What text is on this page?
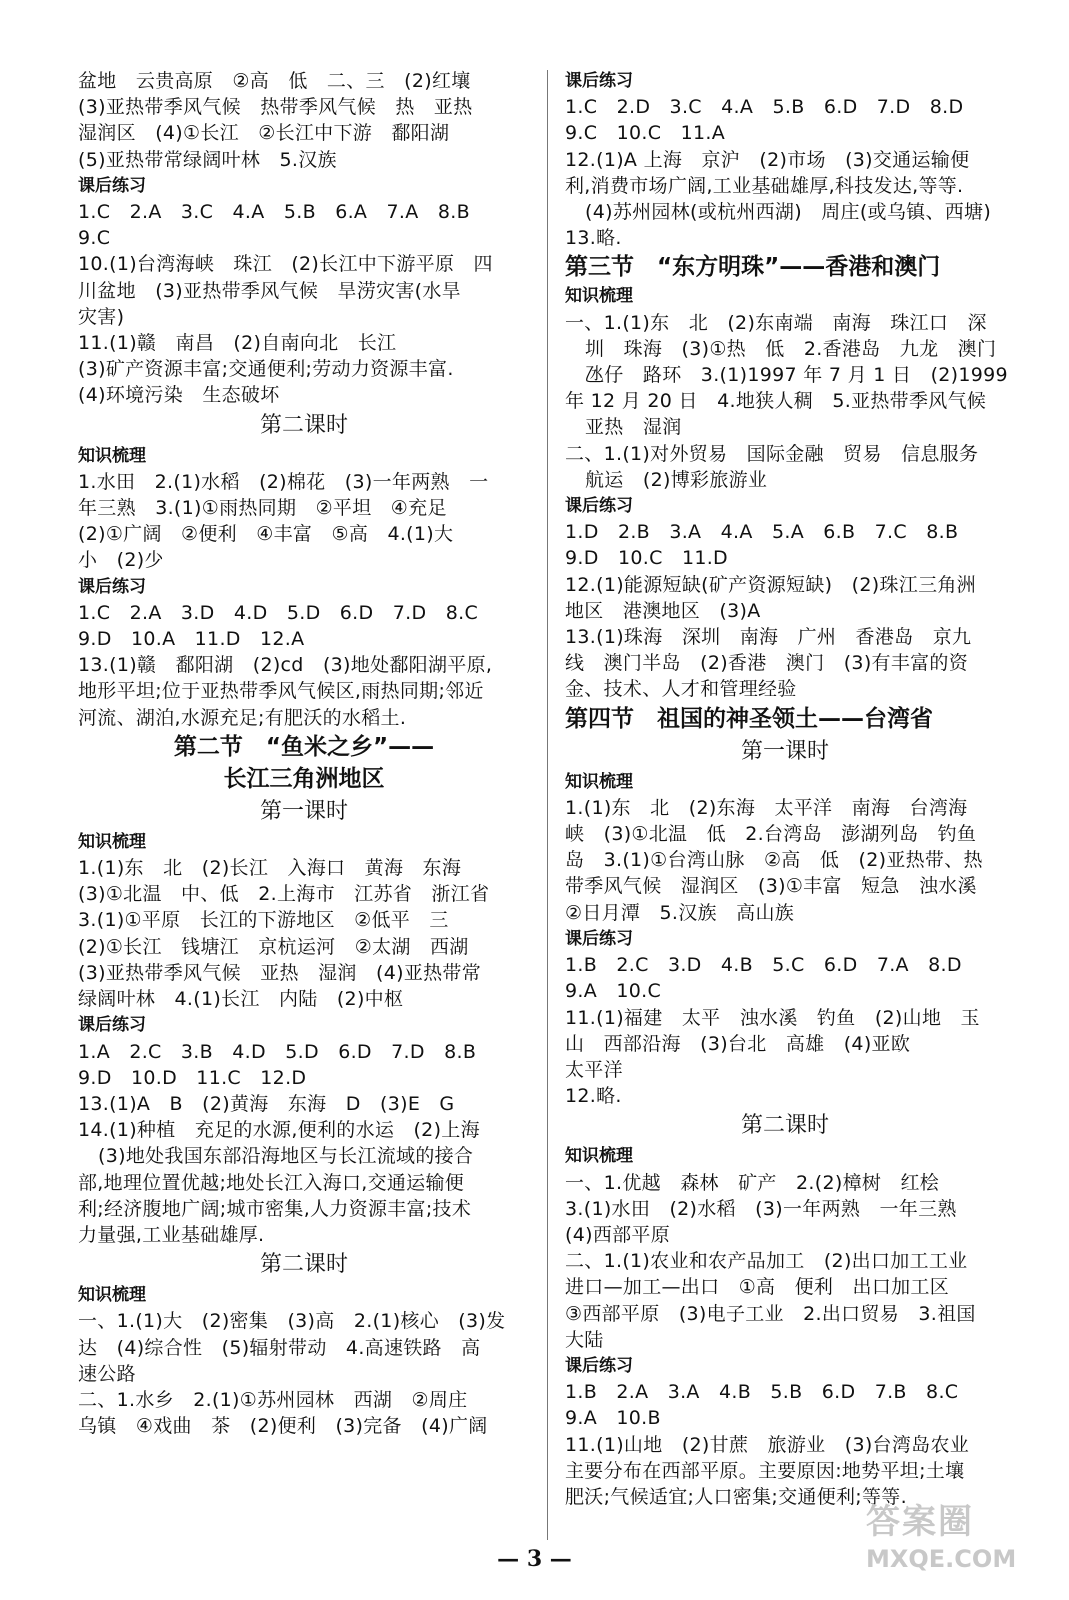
盆地　云贵高原　②高　低　二、三　(2)红壤
(3)亚热带季风气候　热带季风气候　热　亚热
湿润区　(4)①长江　②长江中下游　鄱阳湖
(5)亚热带常绿阔叶林　5.汉族
课后练习
1.C　2.A　3.C　4.A　5.B　6.A　7.A　8.B
9.C
10.(1)台湾海峡　珠江　(2)长江中下游平原　四
川盆地　(3)亚热带季风气候　旱涝灾害(水旱
灾害)
11.(1)赣　南昌　(2)自南向北　长江
(3)矿产资源丰富;交通便利;劳动力资源丰富.
(4)环境污染　生态破坏
第二课时
知识梳理
1.水田　2.(1)水稻　(2)棉花　(3)一年两熟　一
年三熟　3.(1)①雨热同期　②平坦　④充足
(2)①广阔　②便利　④丰富　⑤高　4.(1)大
小　(2)少
课后练习
1.C　2.A　3.D　4.D　5.D　6.D　7.D　8.C
9.D　10.A　11.D　12.A
13.(1)赣　鄱阳湖　(2)cd　(3)地处鄱阳湖平原,
地形平坦;位于亚热带季风气候区,雨热同期;邻近
河流、湖泊,水源充足;有肥沃的水稻土.
第二节　“鱼米之乡”——
长江三角洲地区
第一课时
知识梳理
1.(1)东　北　(2)长江　入海口　黄海　东海
(3)①北温　中、低　2.上海市　江苏省　浙江省
3.(1)①平原　长江的下游地区　②低平　三
(2)①长江　钱塘江　京杭运河　②太湖　西湖
(3)亚热带季风气候　亚热　湿润　(4)亚热带常
绿阔叶林　4.(1)长江　内陆　(2)中枢
课后练习
1.A　2.C　3.B　4.D　5.D　6.D　7.D　8.B
9.D　10.D　11.C　12.D
13.(1)A　B　(2)黄海　东海　D　(3)E　G
14.(1)种植　充足的水源,便利的水运　(2)上海
(3)地处我国东部沿海地区与长江流域的接合
部,地理位置优越;地处长江入海口,交通运输便
利;经济腹地广阔;城市密集,人力资源丰富;技术
力量强,工业基础雄厚.
第二课时
知识梳理
一、1.(1)大　(2)密集　(3)高　2.(1)核心　(3)发
达　(4)综合性　(5)辐射带动　4.高速铁路　高
速公路
二、1.水乡　2.(1)①苏州园林　西湖　②周庄
乌镇　④戏曲　茶　(2)便利　(3)完备　(4)广阔
课后练习
1.C　2.D　3.C　4.A　5.B　6.D　7.D　8.D
9.C　10.C　11.A
12.(1)A 上海　京沪　(2)市场　(3)交通运输便
利,消费市场广阔,工业基础雄厚,科技发达,等等.
(4)苏州园林(或杭州西湖)　周庄(或乌镇、西塘)
13.略.
第三节　“东方明珠”——香港和澳门
知识梳理
一、1.(1)东　北　(2)东南端　南海　珠江口　深
圳　珠海　(3)①热　低　2.香港岛　九龙　澳门
氹仔　路环　3.(1)1997 年 7 月 1 日　(2)1999
年 12 月 20 日　4.地狭人稠　5.亚热带季风气候
亚热　湿润
二、1.(1)对外贸易　国际金融　贸易　信息服务
航运　(2)博彩旅游业
课后练习
1.D　2.B　3.A　4.A　5.A　6.B　7.C　8.B
9.D　10.C　11.D
12.(1)能源短缺(矿产资源短缺)　(2)珠江三角洲
地区　港澳地区　(3)A
13.(1)珠海　深圳　南海　广州　香港岛　京九
线　澳门半岛　(2)香港　澳门　(3)有丰富的资
金、技术、人才和管理经验
第四节　祖国的神圣领土——台湾省
第一课时
知识梳理
1.(1)东　北　(2)东海　太平洋　南海　台湾海
峡　(3)①北温　低　2.台湾岛　澎湖列岛　钓鱼
岛　3.(1)①台湾山脉　②高　低　(2)亚热带、热
带季风气候　湿润区　(3)①丰富　短急　浊水溪
②日月潭　5.汉族　高山族
课后练习
1.B　2.C　3.D　4.B　5.C　6.D　7.A　8.D
9.A　10.C
11.(1)福建　太平　浊水溪　钓鱼　(2)山地　玉
山　西部沿海　(3)台北　高雄　(4)亚欧
太平洋
12.略.
第二课时
知识梳理
一、1.优越　森林　矿产　2.(2)樟树　红桧
3.(1)水田　(2)水稻　(3)一年两熟　一年三熟
(4)西部平原
二、1.(1)农业和农产品加工　(2)出口加工工业
进口—加工—出口　①高　便利　出口加工区
③西部平原　(3)电子工业　2.出口贸易　3.祖国
大陆
课后练习
1.B　2.A　3.A　4.B　5.B　6.D　7.B　8.C
9.A　10.B
11.(1)山地　(2)甘蔗　旅游业　(3)台湾岛农业
主要分布在西部平原。主要原因:地势平坦;土壤
肥沃;气候适宜;人口密集;交通便利;等等.
— 3 —
答案圈
MXQE.COM
